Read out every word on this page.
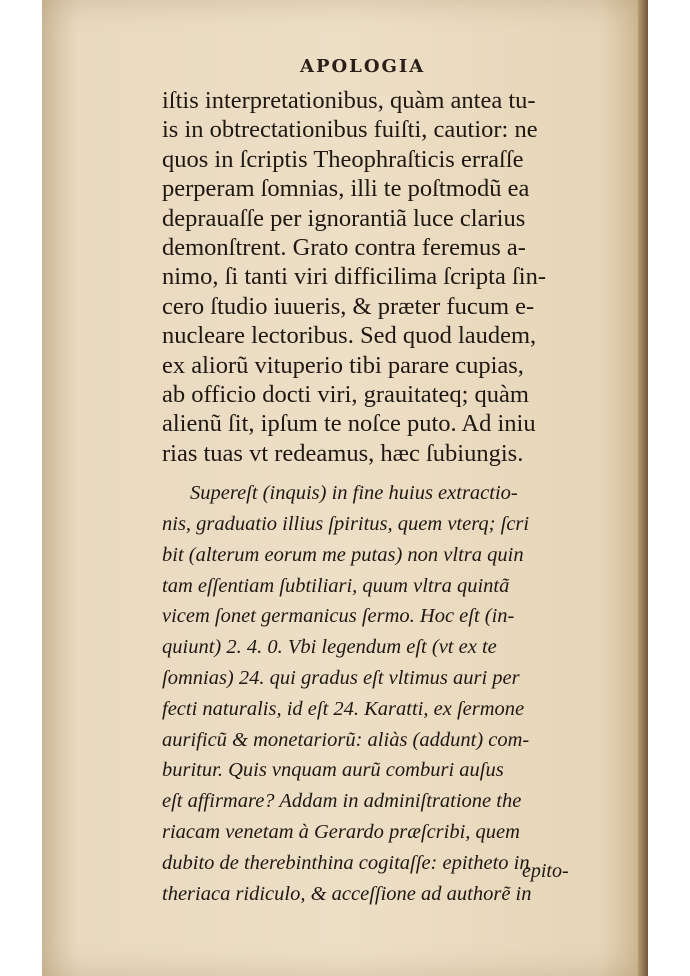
APOLOGIA
iſtis interpretationibus, quàm antea tu-
is in obtrectationibus fuiſti, cautior: ne
quos in ſcriptis Theophraſticis erraſſe
perperam ſomnias, illi te poſtmodũ ea
deprauaſſe per ignorantiã luce clarius
demonſtrent. Grato contra feremus a-
nimo, ſi tanti viri difficilima ſcripta ſin-
cero ſtudio iuueris, & præter fucum e-
nucleare lectoribus. Sed quod laudem,
ex aliorũ vituperio tibi parare cupias,
ab officio docti viri, grauitateq; quàm
alienũ ſit, ipſum te noſce puto. Ad iniu
rias tuas vt redeamus, hæc ſubiungis.
Supereſt (inquis) in fine huius extractio-
nis, graduatio illius ſpiritus, quem vterq; ſcri
bit (alterum eorum me putas) non vltra quin
tam eſſentiam ſubtiliari, quum vltra quintã
vicem ſonet germanicus ſermo. Hoc eſt (in-
quiunt) 2. 4. 0. Vbi legendum eſt (vt ex te
ſomnias) 24. qui gradus eſt vltimus auri per
fecti naturalis, id eſt 24. Karatti, ex ſermone
aurificũ & monetariorũ: aliàs (addunt) com-
buritur. Quis vnquam aurũ comburi auſus
eſt affirmare? Addam in adminiſtratione the
riacam venetam à Gerardo præſcribi, quem
dubito de therebinthina cogitaſſe: epitheto in
theriaca ridiculo, & acceſſione ad authorẽ in
epito-
